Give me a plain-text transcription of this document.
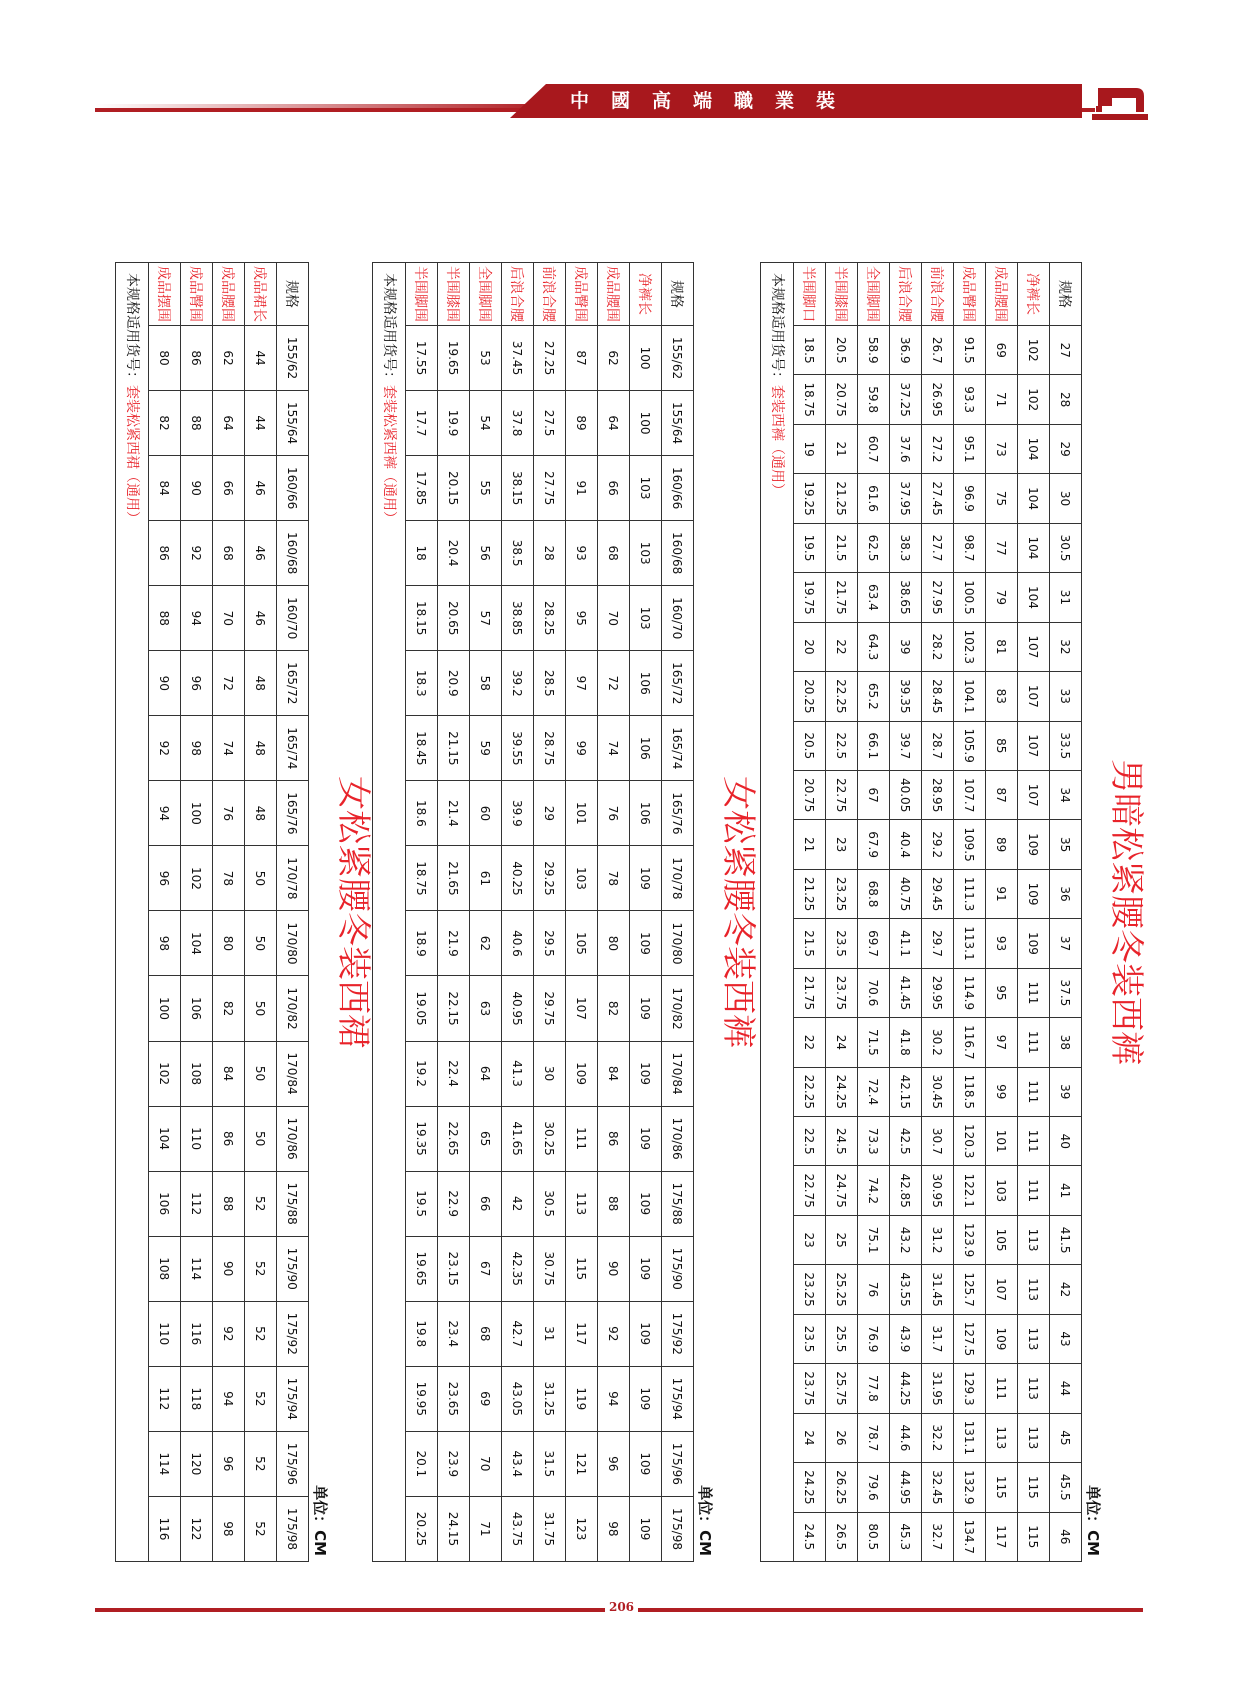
中國高端職業裝
男暗松紧腰冬装西裤
单位：CM
规格	27	28	29	30	30.5	31	32	33	33.5	34	35	36	37	37.5	38	39	40	41	41.5	42	43	44	45	45.5	46
净裤长	102	102	104	104	104	104	107	107	107	107	109	109	109	111	111	111	111	111	113	113	113	113	113	115	115
成品腰围	69	71	73	75	77	79	81	83	85	87	89	91	93	95	97	99	101	103	105	107	109	111	113	115	117
成品臀围	91.5	93.3	95.1	96.9	98.7	100.5	102.3	104.1	105.9	107.7	109.5	111.3	113.1	114.9	116.7	118.5	120.3	122.1	123.9	125.7	127.5	129.3	131.1	132.9	134.7
前浪合腰	26.7	26.95	27.2	27.45	27.7	27.95	28.2	28.45	28.7	28.95	29.2	29.45	29.7	29.95	30.2	30.45	30.7	30.95	31.2	31.45	31.7	31.95	32.2	32.45	32.7
后浪合腰	36.9	37.25	37.6	37.95	38.3	38.65	39	39.35	39.7	40.05	40.4	40.75	41.1	41.45	41.8	42.15	42.5	42.85	43.2	43.55	43.9	44.25	44.6	44.95	45.3
全围脚围	58.9	59.8	60.7	61.6	62.5	63.4	64.3	65.2	66.1	67	67.9	68.8	69.7	70.6	71.5	72.4	73.3	74.2	75.1	76	76.9	77.8	78.7	79.6	80.5
半围膝围	20.5	20.75	21	21.25	21.5	21.75	22	22.25	22.5	22.75	23	23.25	23.5	23.75	24	24.25	24.5	24.75	25	25.25	25.5	25.75	26	26.25	26.5
半围脚口	18.5	18.75	19	19.25	19.5	19.75	20	20.25	20.5	20.75	21	21.25	21.5	21.75	22	22.25	22.5	22.75	23	23.25	23.5	23.75	24	24.25	24.5
本规格适用货号：套装西裤（通用）
女松紧腰冬装西裤
单位：CM
规格	155/62	155/64	160/66	160/68	160/70	165/72	165/74	165/76	170/78	170/80	170/82	170/84	170/86	175/88	175/90	175/92	175/94	175/96	175/98
净裤长	100	100	103	103	103	106	106	106	109	109	109	109	109	109	109	109	109	109	109
成品腰围	62	64	66	68	70	72	74	76	78	80	82	84	86	88	90	92	94	96	98
成品臀围	87	89	91	93	95	97	99	101	103	105	107	109	111	113	115	117	119	121	123
前浪合腰	27.25	27.5	27.75	28	28.25	28.5	28.75	29	29.25	29.5	29.75	30	30.25	30.5	30.75	31	31.25	31.5	31.75
后浪合腰	37.45	37.8	38.15	38.5	38.85	39.2	39.55	39.9	40.25	40.6	40.95	41.3	41.65	42	42.35	42.7	43.05	43.4	43.75
全围脚围	53	54	55	56	57	58	59	60	61	62	63	64	65	66	67	68	69	70	71
半围膝围	19.65	19.9	20.15	20.4	20.65	20.9	21.15	21.4	21.65	21.9	22.15	22.4	22.65	22.9	23.15	23.4	23.65	23.9	24.15
半围脚围	17.55	17.7	17.85	18	18.15	18.3	18.45	18.6	18.75	18.9	19.05	19.2	19.35	19.5	19.65	19.8	19.95	20.1	20.25
本规格适用货号：套装松紧西裤（通用）
女松紧腰冬装西裙
单位：CM
规格	155/62	155/64	160/66	160/68	160/70	165/72	165/74	165/76	170/78	170/80	170/82	170/84	170/86	175/88	175/90	175/92	175/94	175/96	175/98
成品裙长	44	44	46	46	46	48	48	48	50	50	50	50	50	52	52	52	52	52	52
成品腰围	62	64	66	68	70	72	74	76	78	80	82	84	86	88	90	92	94	96	98
成品臀围	86	88	90	92	94	96	98	100	102	104	106	108	110	112	114	116	118	120	122
成品摆围	80	82	84	86	88	90	92	94	96	98	100	102	104	106	108	110	112	114	116
本规格适用货号：套装松紧西裙（通用）
206
